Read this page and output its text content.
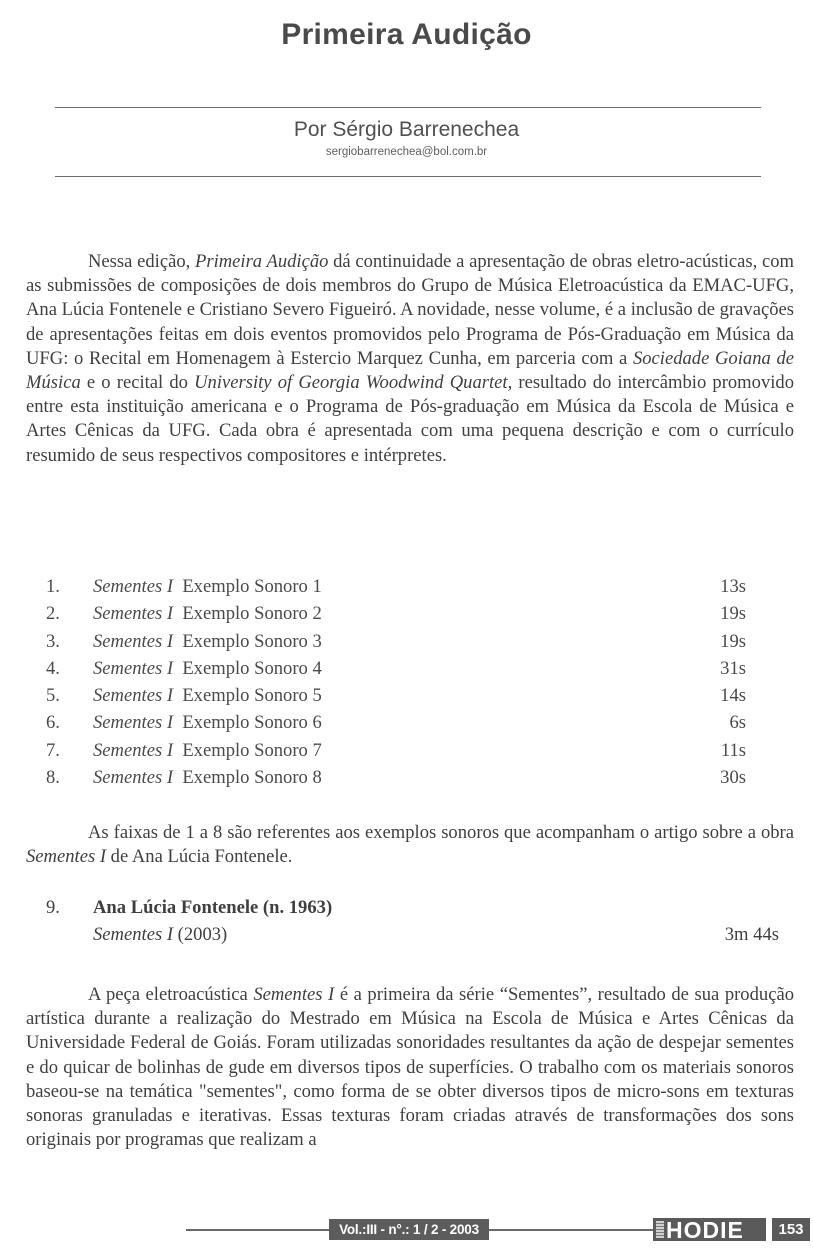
Primeira Audição
Por Sérgio Barrenechea
sergiobarrenechea@bol.com.br

Nessa edição, Primeira Audição dá continuidade a apresentação de obras eletro-acústicas, com as submissões de composições de dois membros do Grupo de Música Eletroacústica da EMAC-UFG, Ana Lúcia Fontenele e Cristiano Severo Figueiró. A novidade, nesse volume, é a inclusão de gravações de apresentações feitas em dois eventos promovidos pelo Programa de Pós-Graduação em Música da UFG: o Recital em Homenagem à Estercio Marquez Cunha, em parceria com a Sociedade Goiana de Música e o recital do University of Georgia Woodwind Quartet, resultado do intercâmbio promovido entre esta instituição americana e o Programa de Pós-graduação em Música da Escola de Música e Artes Cênicas da UFG. Cada obra é apresentada com uma pequena descrição e com o currículo resumido de seus respectivos compositores e intérpretes.

1. Sementes I Exemplo Sonoro 1	13s
2. Sementes I Exemplo Sonoro 2	19s
3. Sementes I Exemplo Sonoro 3	19s
4. Sementes I Exemplo Sonoro 4	31s
5. Sementes I Exemplo Sonoro 5	14s
6. Sementes I Exemplo Sonoro 6	6s
7. Sementes I Exemplo Sonoro 7	11s
8. Sementes I Exemplo Sonoro 8	30s

As faixas de 1 a 8 são referentes aos exemplos sonoros que acompanham o artigo sobre a obra Sementes I de Ana Lúcia Fontenele.

9. Ana Lúcia Fontenele (n. 1963)
Sementes I (2003)	3m 44s

A peça eletroacústica Sementes I é a primeira da série “Sementes”, resultado de sua produção artística durante a realização do Mestrado em Música na Escola de Música e Artes Cênicas da Universidade Federal de Goiás. Foram utilizadas sonoridades resultantes da ação de despejar sementes e do quicar de bolinhas de gude em diversos tipos de superfícies. O trabalho com os materiais sonoros baseou-se na temática "sementes", como forma de se obter diversos tipos de micro-sons em texturas sonoras granuladas e iterativas. Essas texturas foram criadas através de transformações dos sons originais por programas que realizam a

Vol.:III - n°.: 1 / 2 - 2003	HODIE	153
